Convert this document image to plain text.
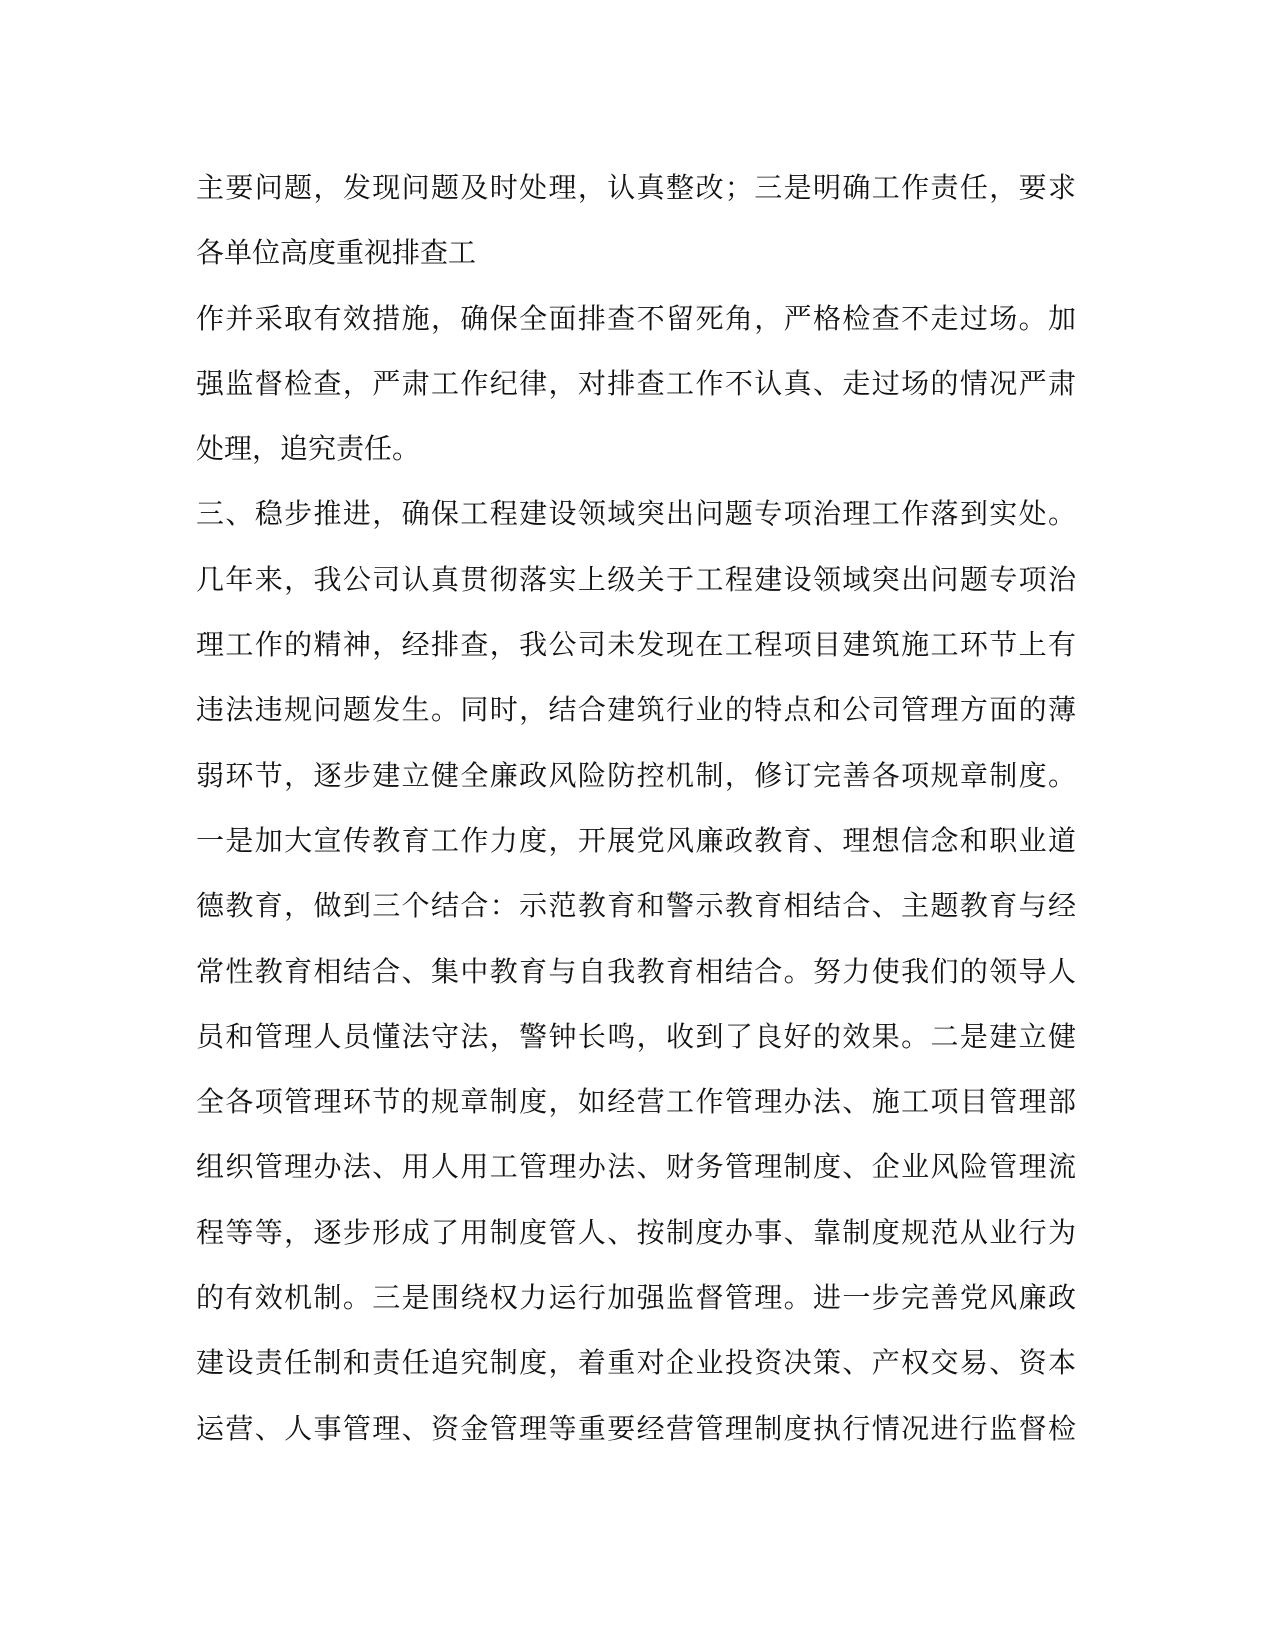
主要问题，发现问题及时处理，认真整改；三是明确工作责任，要求
各单位高度重视排查工
作并采取有效措施，确保全面排查不留死角，严格检查不走过场。加
强监督检查，严肃工作纪律，对排查工作不认真、走过场的情况严肃
处理，追究责任。
三、稳步推进，确保工程建设领域突出问题专项治理工作落到实处。
几年来，我公司认真贯彻落实上级关于工程建设领域突出问题专项治
理工作的精神，经排查，我公司未发现在工程项目建筑施工环节上有
违法违规问题发生。同时，结合建筑行业的特点和公司管理方面的薄
弱环节，逐步建立健全廉政风险防控机制，修订完善各项规章制度。
一是加大宣传教育工作力度，开展党风廉政教育、理想信念和职业道
德教育，做到三个结合：示范教育和警示教育相结合、主题教育与经
常性教育相结合、集中教育与自我教育相结合。努力使我们的领导人
员和管理人员懂法守法，警钟长鸣，收到了良好的效果。二是建立健
全各项管理环节的规章制度，如经营工作管理办法、施工项目管理部
组织管理办法、用人用工管理办法、财务管理制度、企业风险管理流
程等等，逐步形成了用制度管人、按制度办事、靠制度规范从业行为
的有效机制。三是围绕权力运行加强监督管理。进一步完善党风廉政
建设责任制和责任追究制度，着重对企业投资决策、产权交易、资本
运营、人事管理、资金管理等重要经营管理制度执行情况进行监督检
